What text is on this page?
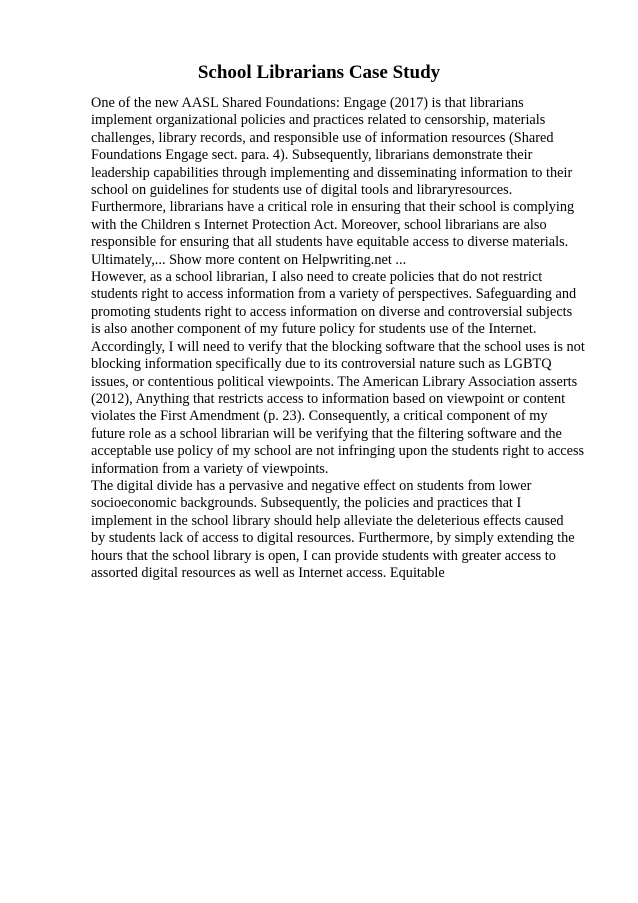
School Librarians Case Study
One of the new AASL Shared Foundations: Engage (2017) is that librarians
implement organizational policies and practices related to censorship, materials
challenges, library records, and responsible use of information resources (Shared
Foundations Engage sect. para. 4). Subsequently, librarians demonstrate their
leadership capabilities through implementing and disseminating information to their
school on guidelines for students use of digital tools and libraryresources.
Furthermore, librarians have a critical role in ensuring that their school is complying
with the Children s Internet Protection Act. Moreover, school librarians are also
responsible for ensuring that all students have equitable access to diverse materials.
Ultimately,... Show more content on Helpwriting.net ...
However, as a school librarian, I also need to create policies that do not restrict
students right to access information from a variety of perspectives. Safeguarding and
promoting students right to access information on diverse and controversial subjects
is also another component of my future policy for students use of the Internet.
Accordingly, I will need to verify that the blocking software that the school uses is not
blocking information specifically due to its controversial nature such as LGBTQ
issues, or contentious political viewpoints. The American Library Association asserts
(2012), Anything that restricts access to information based on viewpoint or content
violates the First Amendment (p. 23). Consequently, a critical component of my
future role as a school librarian will be verifying that the filtering software and the
acceptable use policy of my school are not infringing upon the students right to access
information from a variety of viewpoints.
The digital divide has a pervasive and negative effect on students from lower
socioeconomic backgrounds. Subsequently, the policies and practices that I
implement in the school library should help alleviate the deleterious effects caused
by students lack of access to digital resources. Furthermore, by simply extending the
hours that the school library is open, I can provide students with greater access to
assorted digital resources as well as Internet access. Equitable
